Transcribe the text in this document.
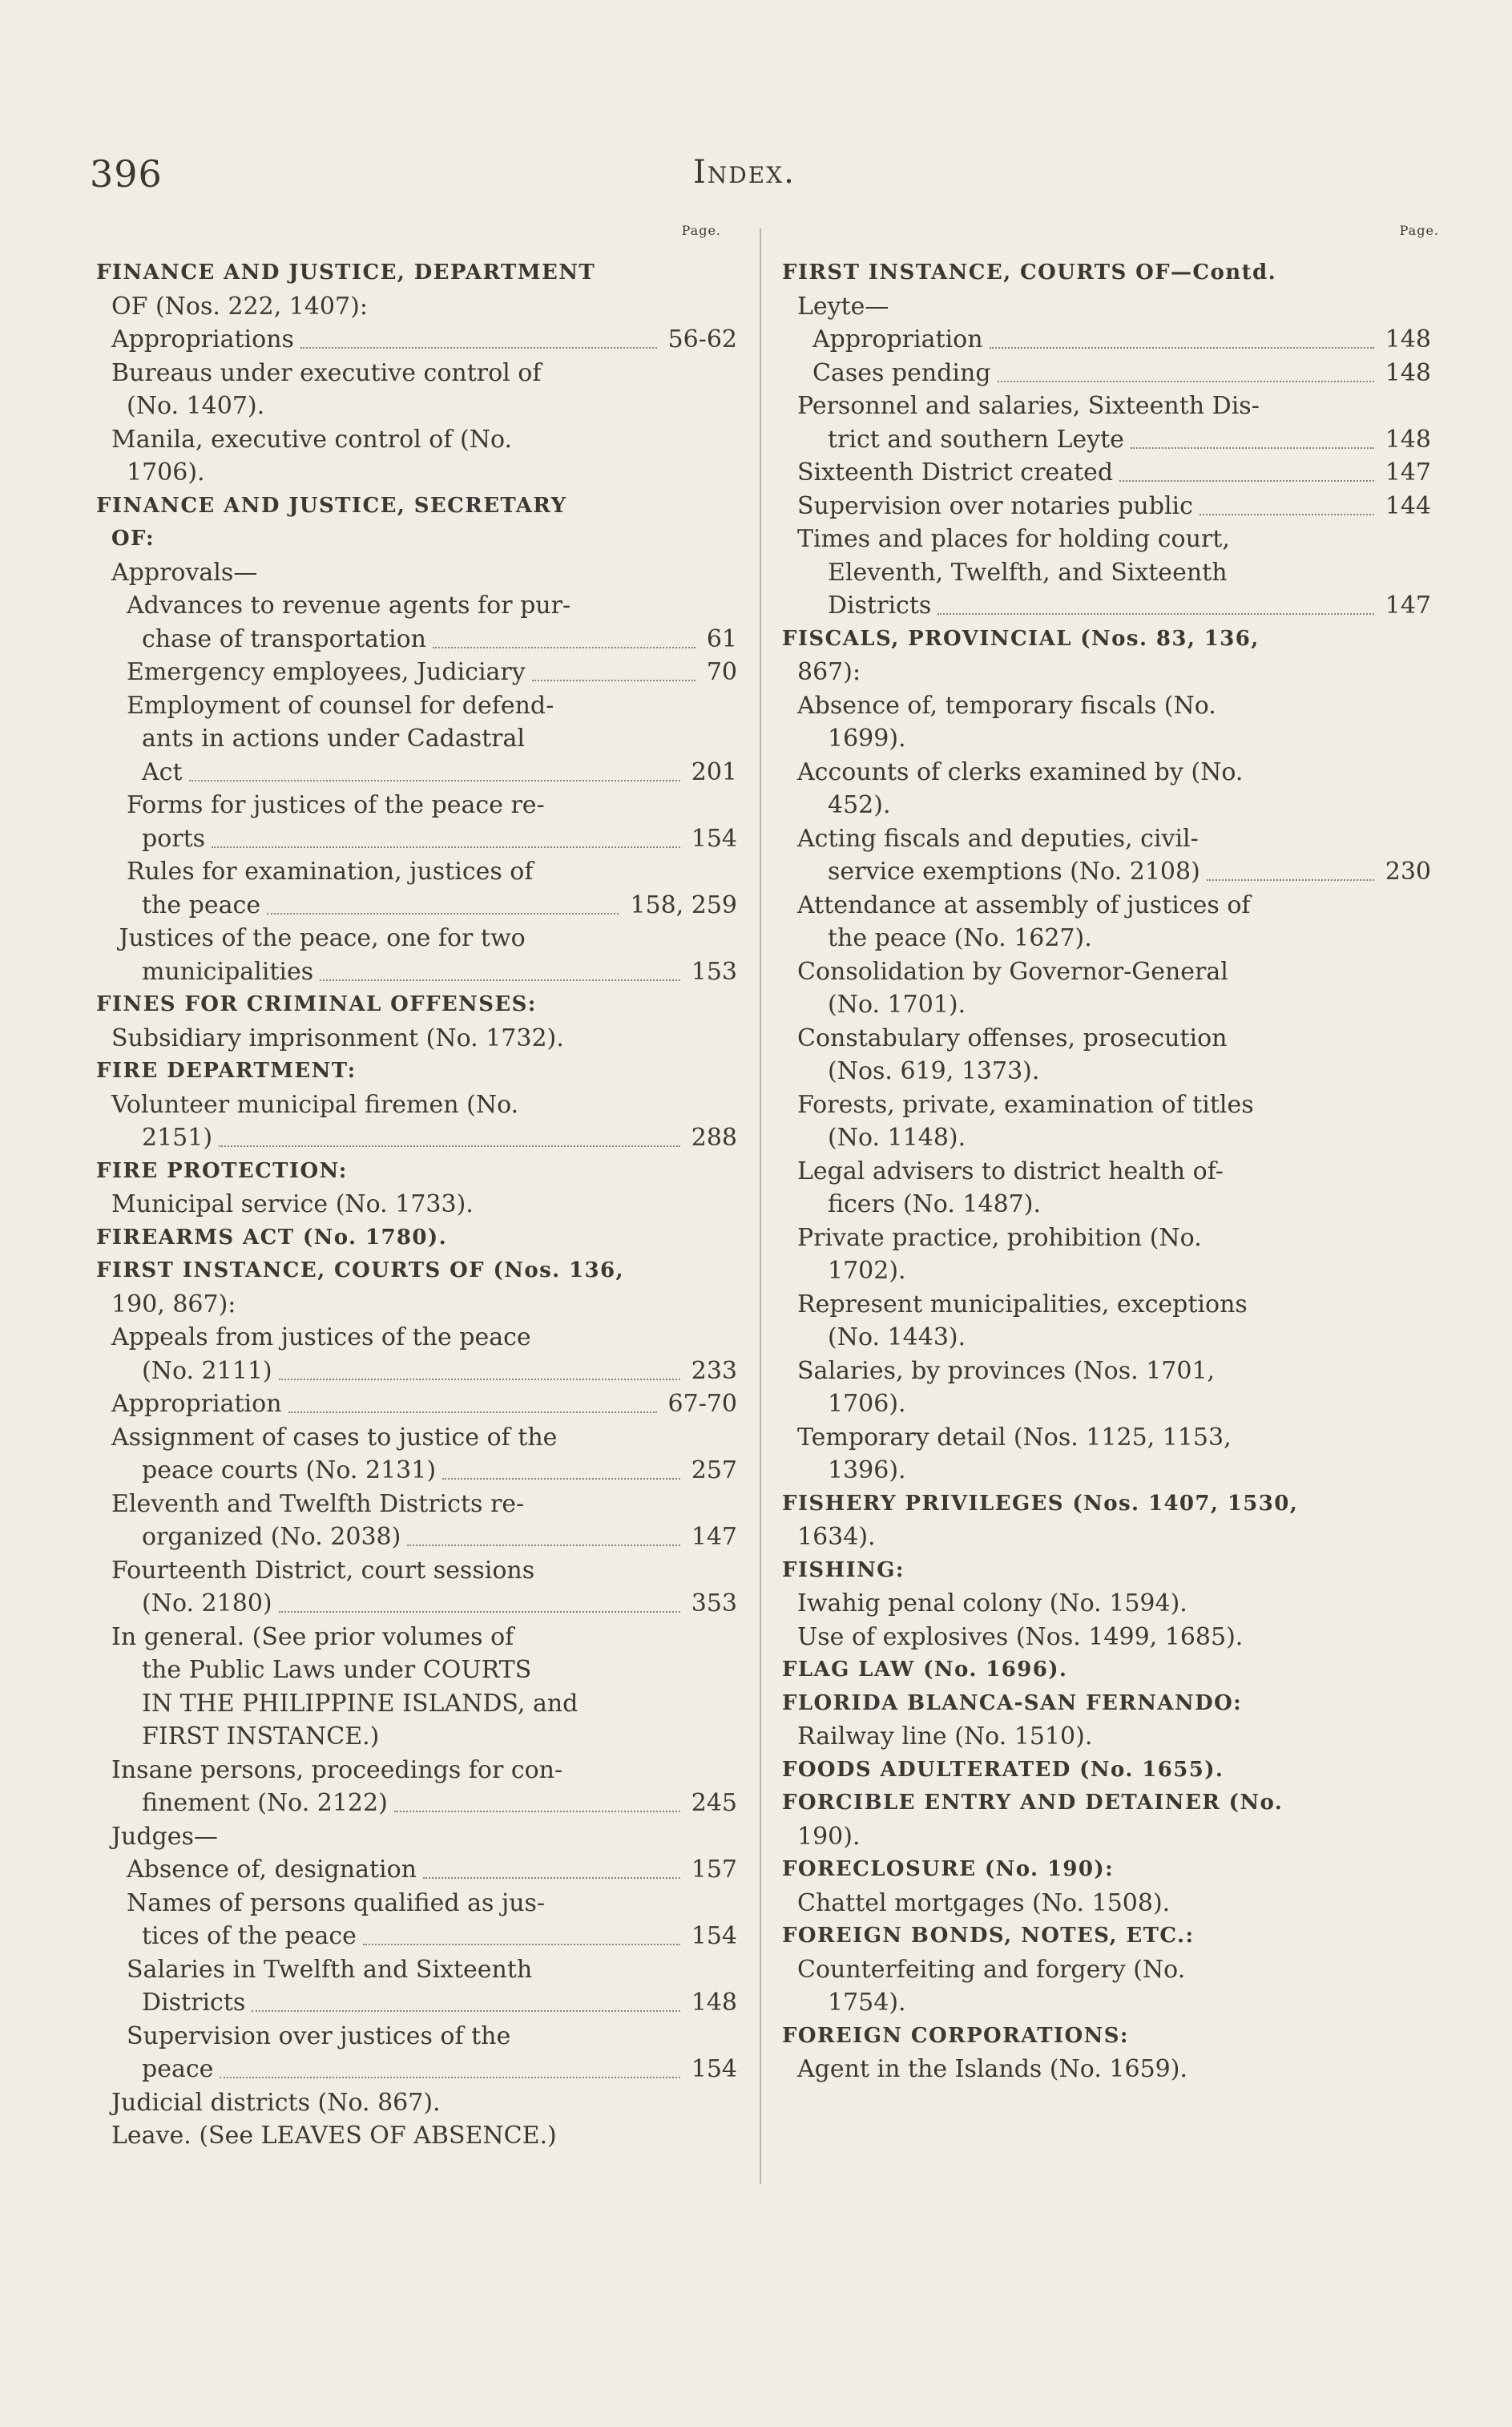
396	Index.
Page.
FINANCE AND JUSTICE, DEPARTMENT
OF (Nos. 222, 1407):
Appropriations	56-62
Bureaus under executive control of
(No. 1407).
Manila, executive control of (No.
1706).
FINANCE AND JUSTICE, SECRETARY
OF:
Approvals—
Advances to revenue agents for pur-
chase of transportation	61
Emergency employees, Judiciary	70
Employment of counsel for defend-
ants in actions under Cadastral
Act	201
Forms for justices of the peace re-
ports	154
Rules for examination, justices of
the peace	158, 259
Justices of the peace, one for two
municipalities	153
FINES FOR CRIMINAL OFFENSES:
Subsidiary imprisonment (No. 1732).
FIRE DEPARTMENT:
Volunteer municipal firemen (No.
2151)	288
FIRE PROTECTION:
Municipal service (No. 1733).
FIREARMS ACT (No. 1780).
FIRST INSTANCE, COURTS OF (Nos. 136,
190, 867):
Appeals from justices of the peace
(No. 2111)	233
Appropriation	67-70
Assignment of cases to justice of the
peace courts (No. 2131)	257
Eleventh and Twelfth Districts re-
organized (No. 2038)	147
Fourteenth District, court sessions
(No. 2180)	353
In general. (See prior volumes of
the Public Laws under COURTS
IN THE PHILIPPINE ISLANDS, and
FIRST INSTANCE.)
Insane persons, proceedings for con-
finement (No. 2122)	245
Judges—
Absence of, designation	157
Names of persons qualified as jus-
tices of the peace	154
Salaries in Twelfth and Sixteenth
Districts	148
Supervision over justices of the
peace	154
Judicial districts (No. 867).
Leave. (See LEAVES OF ABSENCE.)
Page.
FIRST INSTANCE, COURTS OF—Contd.
Leyte—
Appropriation	148
Cases pending	148
Personnel and salaries, Sixteenth Dis-
trict and southern Leyte	148
Sixteenth District created	147
Supervision over notaries public	144
Times and places for holding court,
Eleventh, Twelfth, and Sixteenth
Districts	147
FISCALS, PROVINCIAL (Nos. 83, 136,
867):
Absence of, temporary fiscals (No.
1699).
Accounts of clerks examined by (No.
452).
Acting fiscals and deputies, civil-
service exemptions (No. 2108)	230
Attendance at assembly of justices of
the peace (No. 1627).
Consolidation by Governor-General
(No. 1701).
Constabulary offenses, prosecution
(Nos. 619, 1373).
Forests, private, examination of titles
(No. 1148).
Legal advisers to district health of-
ficers (No. 1487).
Private practice, prohibition (No.
1702).
Represent municipalities, exceptions
(No. 1443).
Salaries, by provinces (Nos. 1701,
1706).
Temporary detail (Nos. 1125, 1153,
1396).
FISHERY PRIVILEGES (Nos. 1407, 1530,
1634).
FISHING:
Iwahig penal colony (No. 1594).
Use of explosives (Nos. 1499, 1685).
FLAG LAW (No. 1696).
FLORIDA BLANCA-SAN FERNANDO:
Railway line (No. 1510).
FOODS ADULTERATED (No. 1655).
FORCIBLE ENTRY AND DETAINER (No.
190).
FORECLOSURE (No. 190):
Chattel mortgages (No. 1508).
FOREIGN BONDS, NOTES, ETC.:
Counterfeiting and forgery (No.
1754).
FOREIGN CORPORATIONS:
Agent in the Islands (No. 1659).
